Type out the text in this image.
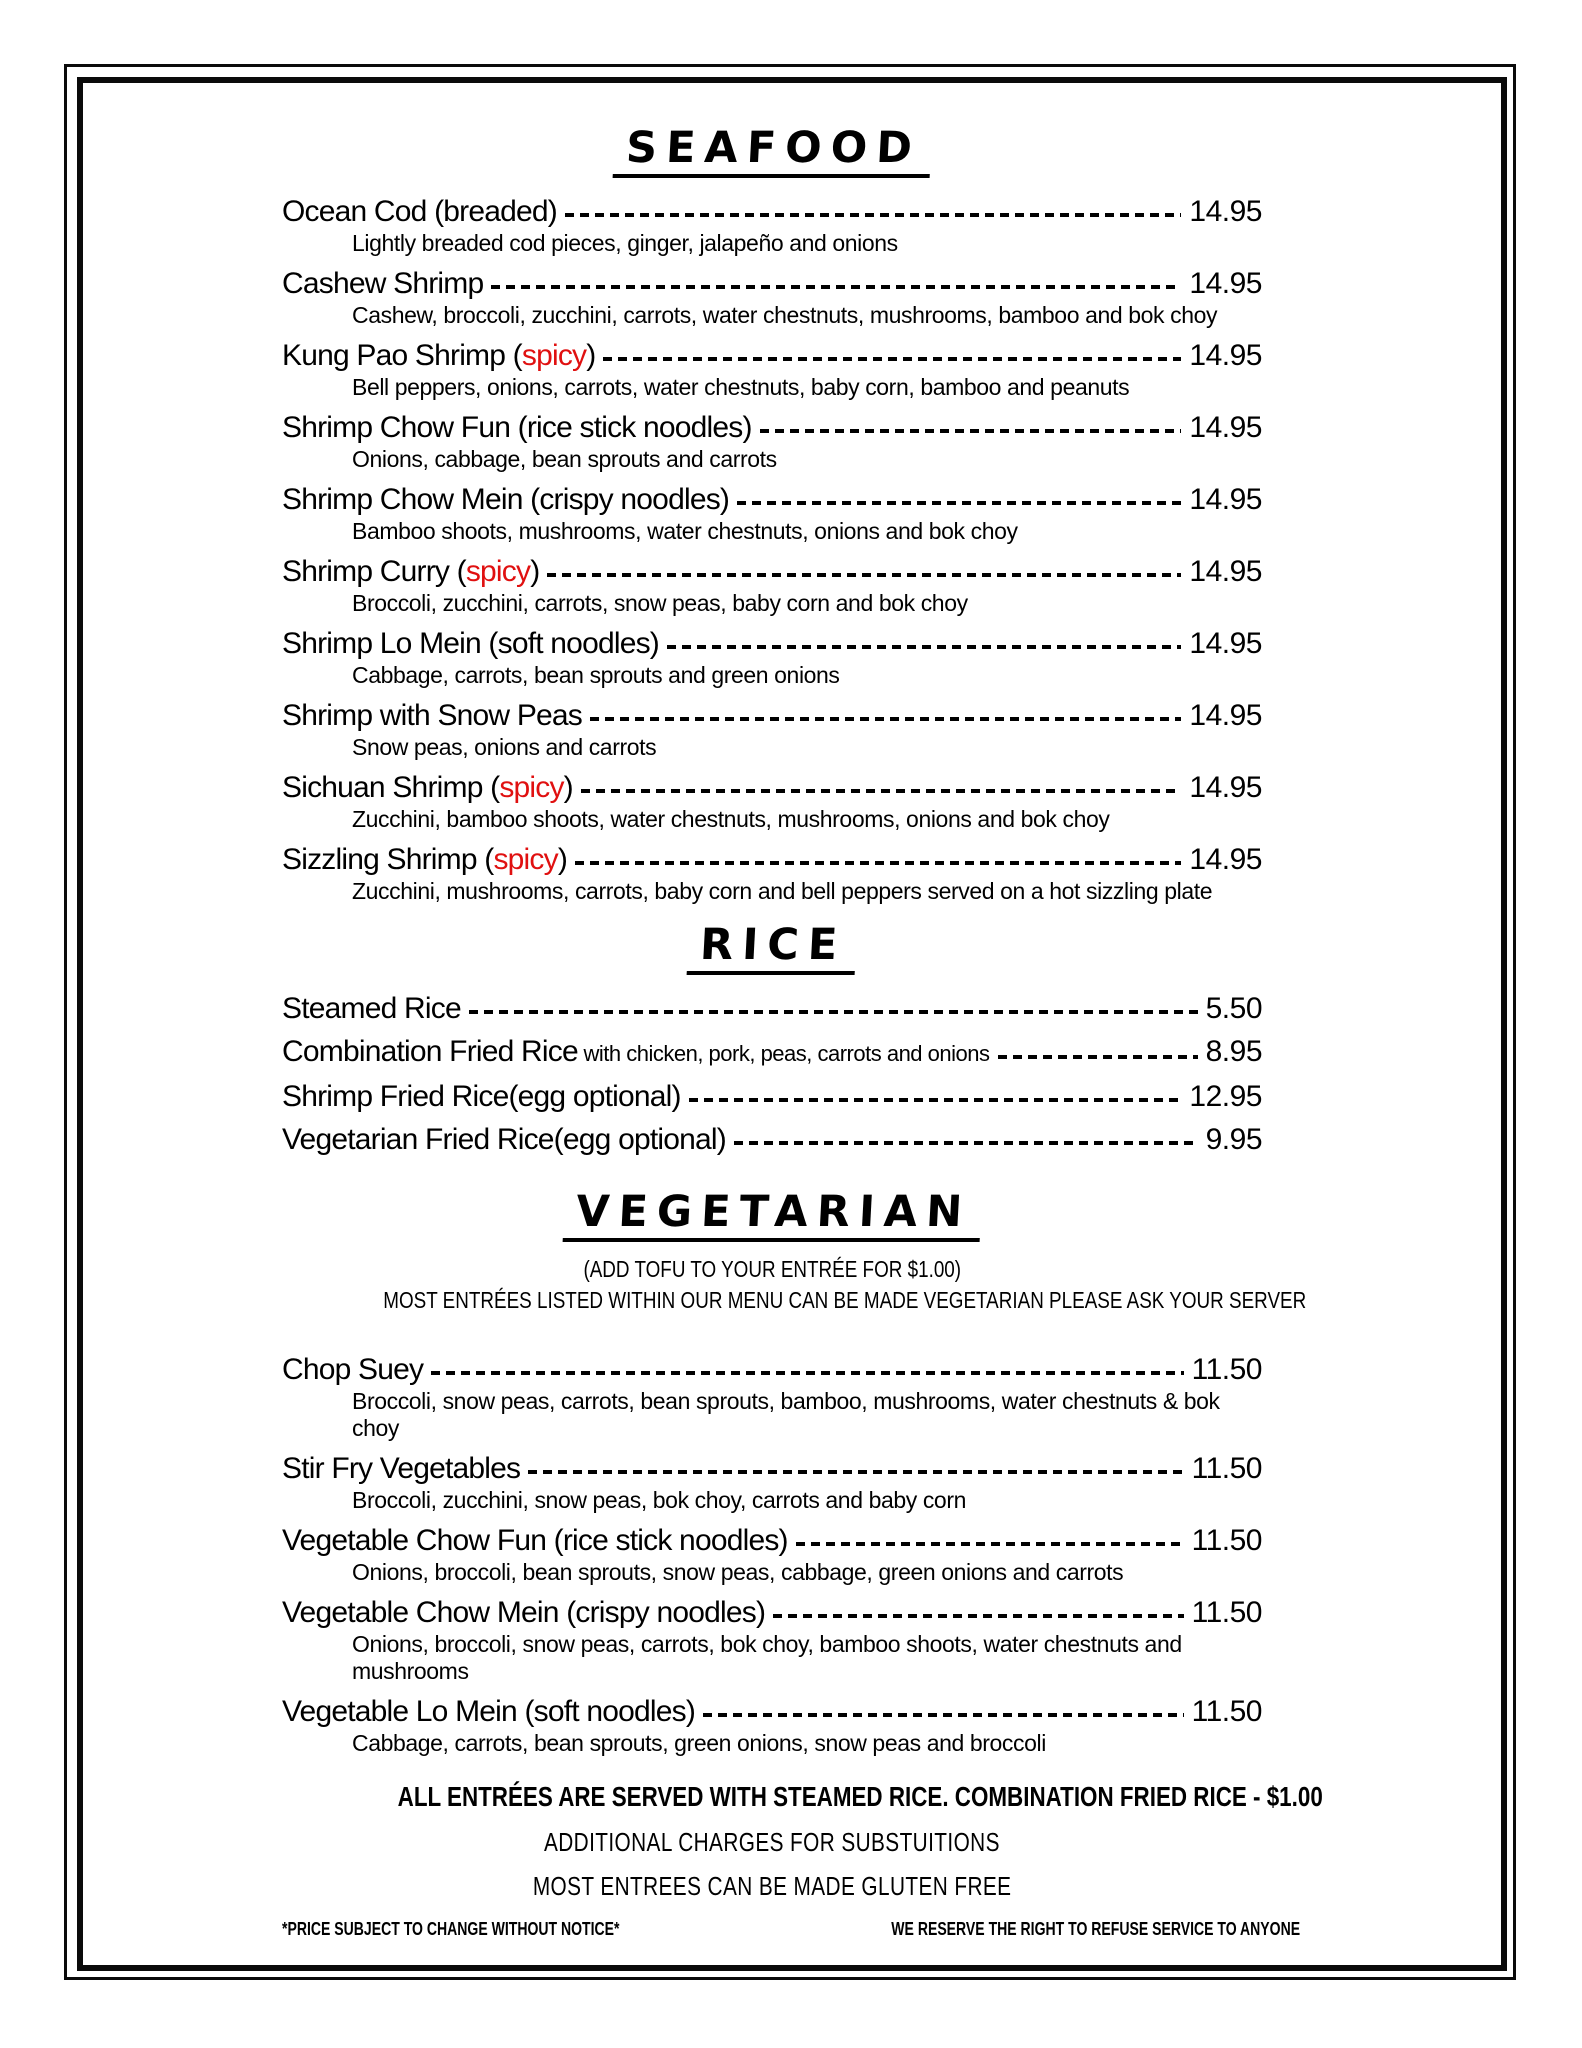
SEAFOOD
Ocean Cod (breaded)	14.95
Lightly breaded cod pieces, ginger, jalapeño and onions
Cashew Shrimp	14.95
Cashew, broccoli, zucchini, carrots, water chestnuts, mushrooms, bamboo and bok choy
Kung Pao Shrimp (spicy)	14.95
Bell peppers, onions, carrots, water chestnuts, baby corn, bamboo and peanuts
Shrimp Chow Fun (rice stick noodles)	14.95
Onions, cabbage, bean sprouts and carrots
Shrimp Chow Mein (crispy noodles)	14.95
Bamboo shoots, mushrooms, water chestnuts, onions and bok choy
Shrimp Curry (spicy)	14.95
Broccoli, zucchini, carrots, snow peas, baby corn and bok choy
Shrimp Lo Mein (soft noodles)	14.95
Cabbage, carrots, bean sprouts and green onions
Shrimp with Snow Peas	14.95
Snow peas, onions and carrots
Sichuan Shrimp (spicy)	14.95
Zucchini, bamboo shoots, water chestnuts, mushrooms, onions and bok choy
Sizzling Shrimp (spicy)	14.95
Zucchini, mushrooms, carrots, baby corn and bell peppers served on a hot sizzling plate
RICE
Steamed Rice	5.50
Combination Fried Rice with chicken, pork, peas, carrots and onions	8.95
Shrimp Fried Rice(egg optional)	12.95
Vegetarian Fried Rice(egg optional)	9.95
VEGETARIAN
(ADD TOFU TO YOUR ENTRÉE FOR $1.00)
MOST ENTRÉES LISTED WITHIN OUR MENU CAN BE MADE VEGETARIAN PLEASE ASK YOUR SERVER
Chop Suey	11.50
Broccoli, snow peas, carrots, bean sprouts, bamboo, mushrooms, water chestnuts & bok choy
Stir Fry Vegetables	11.50
Broccoli, zucchini, snow peas, bok choy, carrots and baby corn
Vegetable Chow Fun (rice stick noodles)	11.50
Onions, broccoli, bean sprouts, snow peas, cabbage, green onions and carrots
Vegetable Chow Mein (crispy noodles)	11.50
Onions, broccoli, snow peas, carrots, bok choy, bamboo shoots, water chestnuts and mushrooms
Vegetable Lo Mein (soft noodles)	11.50
Cabbage, carrots, bean sprouts, green onions, snow peas and broccoli
ALL ENTRÉES ARE SERVED WITH STEAMED RICE. COMBINATION FRIED RICE - $1.00
ADDITIONAL CHARGES FOR SUBSTUITIONS
MOST ENTREES CAN BE MADE GLUTEN FREE
*PRICE SUBJECT TO CHANGE WITHOUT NOTICE*	WE RESERVE THE RIGHT TO REFUSE SERVICE TO ANYONE
